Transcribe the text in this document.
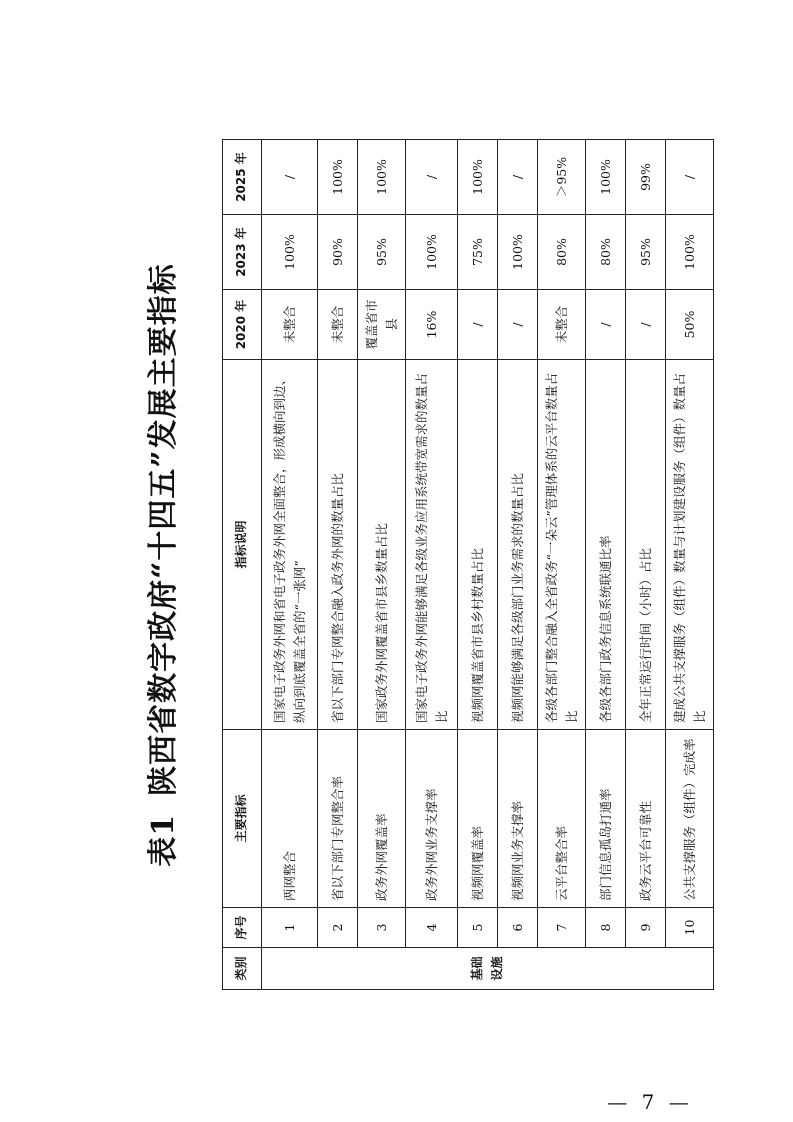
表1陕西省数字政府“十四五”发展主要指标
类别	序号	主要指标	指标说明	2020 年	2023 年	2025 年
基础设施	1	两网整合	国家电子政务外网和省电子政务外网全面整合，形成横向到边、纵向到底覆盖全省的“一张网”	未整合	100%	/
	2	省以下部门专网整合率	省以下部门专网整合融入政务外网的数量占比	未整合	90%	100%
	3	政务外网覆盖率	国家政务外网覆盖省市县乡数量占比	覆盖省市县	95%	100%
	4	政务外网业务支撑率	国家电子政务外网能够满足各级业务应用系统带宽需求的数量占比	16%	100%	/
	5	视频网覆盖率	视频网覆盖省市县乡村数量占比	/	75%	100%
	6	视频网业务支撑率	视频网能够满足各级部门业务需求的数量占比	/	100%	/
	7	云平台整合率	各级各部门整合融入全省政务“一朵云”管理体系的云平台数量占比	未整合	80%	＞95%
	8	部门信息孤岛打通率	各级各部门政务信息系统联通比率	/	80%	100%
	9	政务云平台可靠性	全年正常运行时间（小时）占比	/	95%	99%
	10	公共支撑服务（组件）完成率	建成公共支撑服务（组件）数量与计划建设服务（组件）数量占比	50%	100%	/
— 7 —
